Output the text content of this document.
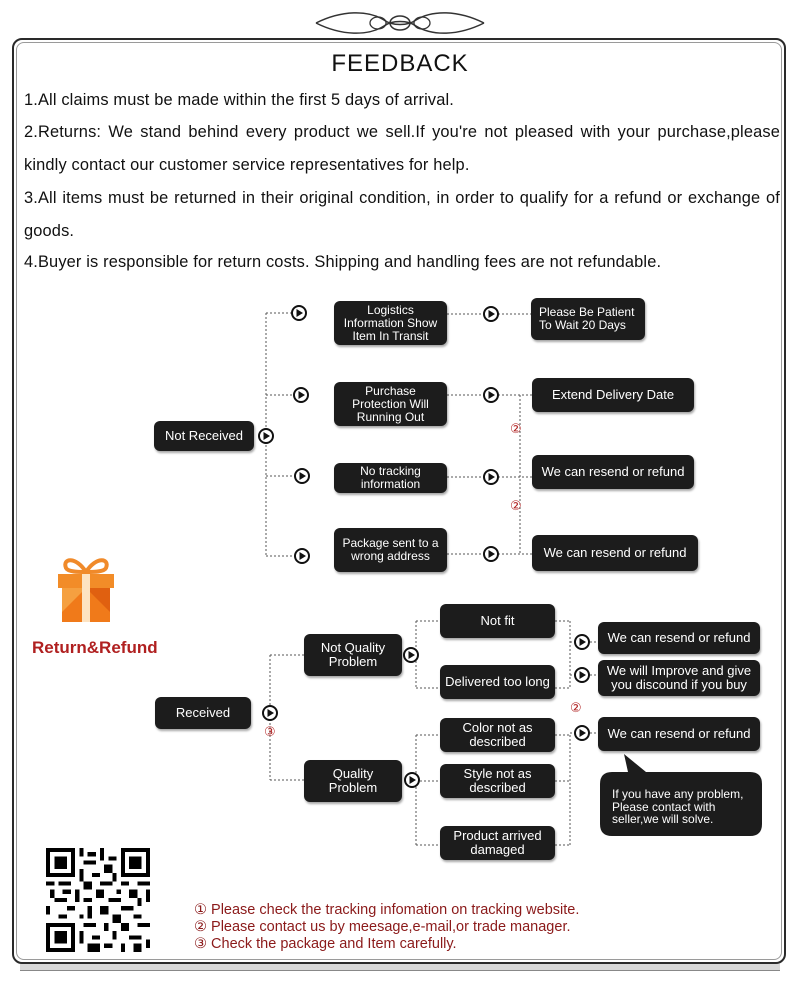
FEEDBACK

1.All claims must be made within the first 5 days of arrival.

2.Returns: We stand behind every product we sell.If you're not pleased with your purchase,please kindly contact our customer service representatives for help.

3.All items must be returned in their original condition, in order to qualify for a refund or exchange of goods.

4.Buyer is responsible for return costs. Shipping and handling fees are not refundable.

②
②
③
②
Not Received
Logistics Information Show Item In Transit
Purchase Protection Will Running Out
No tracking information
Package sent to a wrong address
Please Be Patient To Wait 20 Days
Extend Delivery Date
We can resend or refund
We can resend or refund
Return&Refund
Received
Not Quality Problem
Quality Problem
Not fit
Delivered too long
Color not as described
Style not as described
Product arrived damaged
We can resend or refund
We will Improve and give you discound if you buy
We can resend or refund
If you have any problem, Please contact with seller,we will solve.
① Please check the tracking infomation on tracking website.
② Please contact us by meesage,e-mail,or trade manager.
③ Check the package and Item carefully.
